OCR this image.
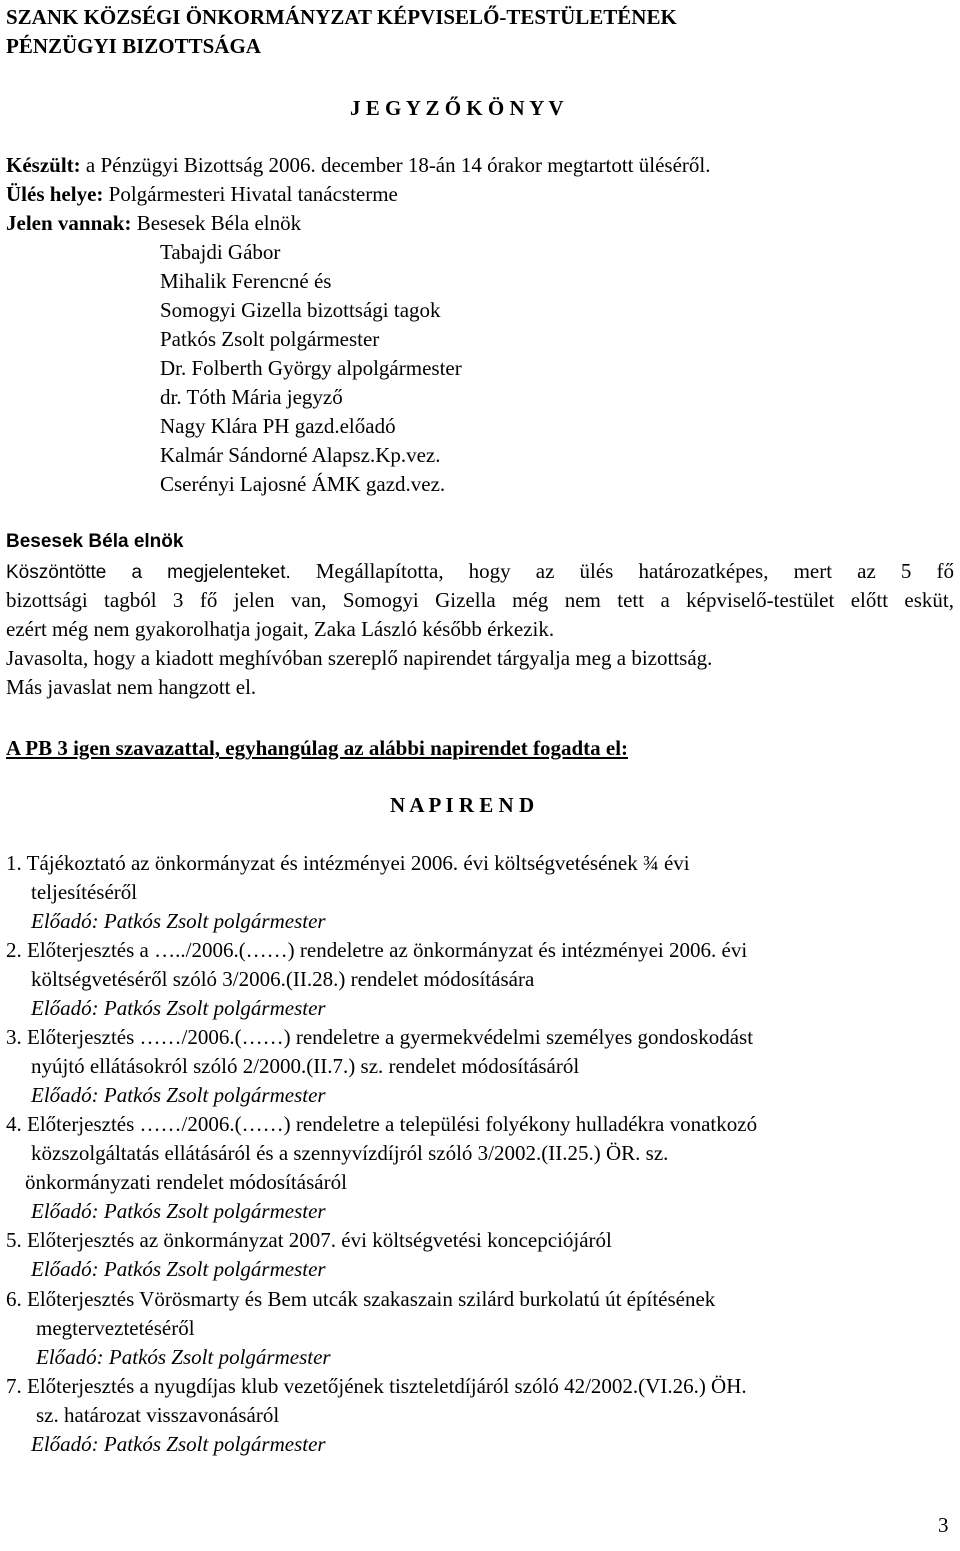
SZANK KÖZSÉGI ÖNKORMÁNYZAT KÉPVISELŐ-TESTÜLETÉNEK
PÉNZÜGYI BIZOTTSÁGA
J E G Y Z Ő K Ö N Y V
Készült: a Pénzügyi Bizottság 2006. december 18-án 14 órakor megtartott üléséről.
Ülés helye: Polgármesteri Hivatal tanácsterme
Jelen vannak: Besesek Béla elnök
Tabajdi Gábor
Mihalik Ferencné és
Somogyi Gizella bizottsági tagok
Patkós Zsolt polgármester
Dr. Folberth György alpolgármester
dr. Tóth Mária jegyző
Nagy Klára PH gazd.előadó
Kalmár Sándorné Alapsz.Kp.vez.
Cserényi Lajosné ÁMK gazd.vez.
Besesek Béla elnök
Köszöntötte a megjelenteket. Megállapította, hogy az ülés határozatképes, mert az 5 fő
bizottsági tagból 3 fő jelen van, Somogyi Gizella még nem tett a képviselő-testület előtt esküt,
ezért még nem gyakorolhatja jogait, Zaka László később érkezik.
Javasolta, hogy a kiadott meghívóban szereplő napirendet tárgyalja meg a bizottság.
Más javaslat nem hangzott el.
A PB 3 igen szavazattal, egyhangúlag az alábbi napirendet fogadta el:
N A P I R E N D
1. Tájékoztató az önkormányzat és intézményei 2006. évi költségvetésének ¾ évi
teljesítéséről
Előadó: Patkós Zsolt polgármester
2. Előterjesztés a …../2006.(……) rendeletre az önkormányzat és intézményei 2006. évi
költségvetéséről szóló 3/2006.(II.28.) rendelet módosítására
Előadó: Patkós Zsolt polgármester
3. Előterjesztés ……/2006.(……) rendeletre a gyermekvédelmi személyes gondoskodást
nyújtó ellátásokról szóló 2/2000.(II.7.) sz. rendelet módosításáról
Előadó: Patkós Zsolt polgármester
4. Előterjesztés ……/2006.(……) rendeletre a települési folyékony hulladékra vonatkozó
közszolgáltatás ellátásáról és a szennyvízdíjról szóló 3/2002.(II.25.) ÖR. sz.
önkormányzati rendelet módosításáról
Előadó: Patkós Zsolt polgármester
5. Előterjesztés az önkormányzat 2007. évi költségvetési koncepciójáról
Előadó: Patkós Zsolt polgármester
6. Előterjesztés Vörösmarty és Bem utcák szakaszain szilárd burkolatú út építésének
megterveztetéséről
Előadó: Patkós Zsolt polgármester
7. Előterjesztés a nyugdíjas klub vezetőjének tiszteletdíjáról szóló 42/2002.(VI.26.) ÖH.
sz. határozat visszavonásáról
Előadó: Patkós Zsolt polgármester
3
